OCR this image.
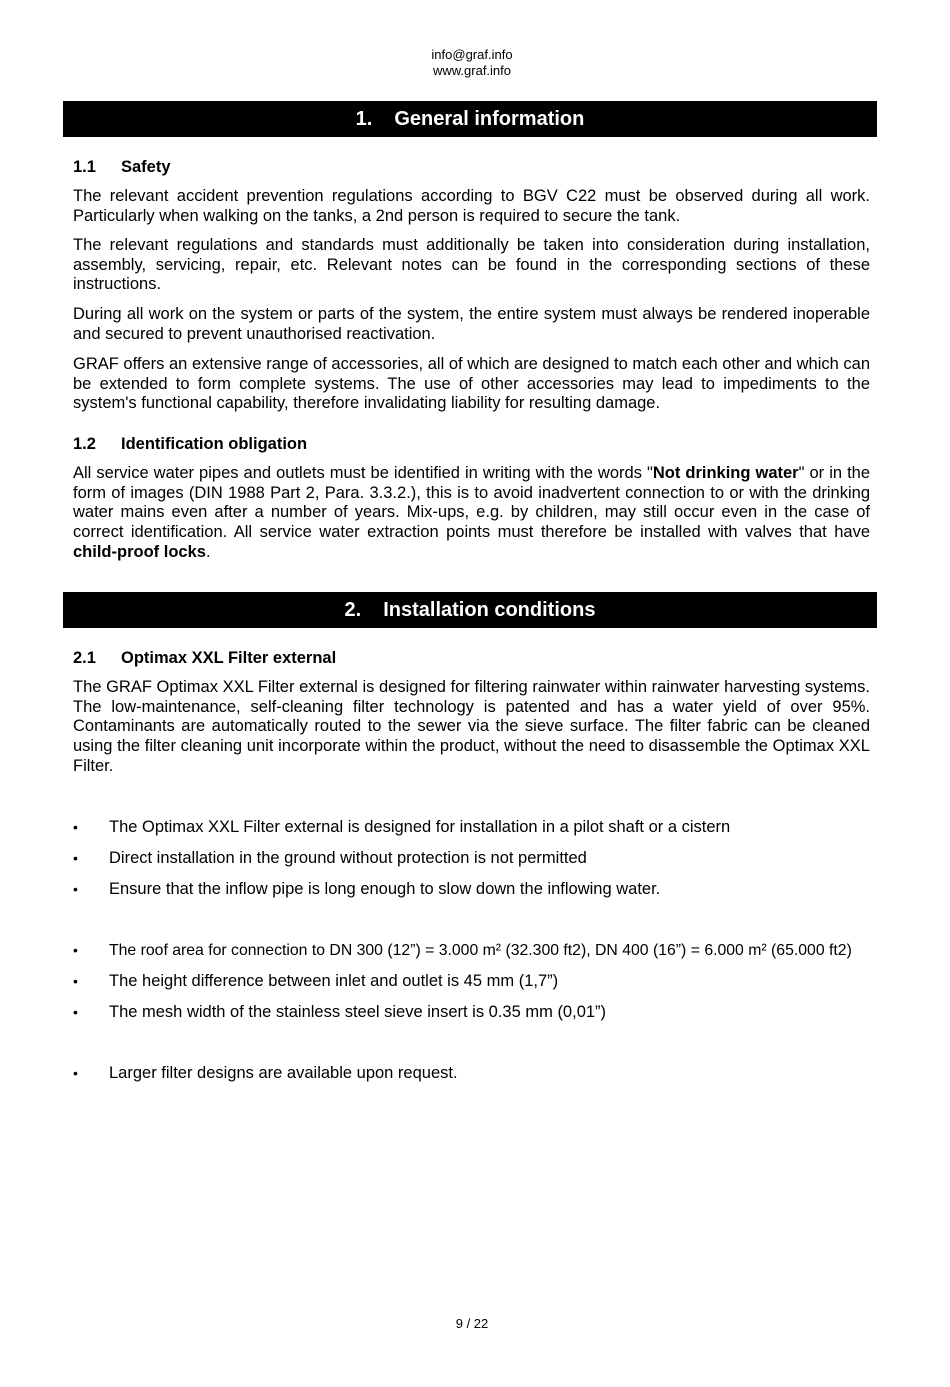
info@graf.info
www.graf.info
1. General information
1.1 Safety

The relevant accident prevention regulations according to BGV C22 must be observed during all work. Particularly when walking on the tanks, a 2nd person is required to secure the tank.

The relevant regulations and standards must additionally be taken into consideration during installation, assembly, servicing, repair, etc. Relevant notes can be found in the corresponding sections of these instructions.

During all work on the system or parts of the system, the entire system must always be rendered inoperable and secured to prevent unauthorised reactivation.

GRAF offers an extensive range of accessories, all of which are designed to match each other and which can be extended to form complete systems. The use of other accessories may lead to impediments to the system's functional capability, therefore invalidating liability for resulting damage.

1.2 Identification obligation

All service water pipes and outlets must be identified in writing with the words "Not drinking water" or in the form of images (DIN 1988 Part 2, Para. 3.3.2.), this is to avoid inadvertent connection to or with the drinking water mains even after a number of years. Mix-ups, e.g. by children, may still occur even in the case of correct identification. All service water extraction points must therefore be installed with valves that have child-proof locks.

2. Installation conditions
2.1 Optimax XXL Filter external

The GRAF Optimax XXL Filter external is designed for filtering rainwater within rainwater harvesting systems. The low-maintenance, self-cleaning filter technology is patented and has a water yield of over 95%. Contaminants are automatically routed to the sewer via the sieve surface. The filter fabric can be cleaned using the filter cleaning unit incorporate within the product, without the need to disassemble the Optimax XXL Filter.

• The Optimax XXL Filter external is designed for installation in a pilot shaft or a cistern
• Direct installation in the ground without protection is not permitted
• Ensure that the inflow pipe is long enough to slow down the inflowing water.
• The roof area for connection to DN 300 (12”) = 3.000 m² (32.300 ft2), DN 400 (16”) = 6.000 m² (65.000 ft2)
• The height difference between inlet and outlet is 45 mm (1,7”)
• The mesh width of the stainless steel sieve insert is 0.35 mm (0,01”)
• Larger filter designs are available upon request.
9 / 22
